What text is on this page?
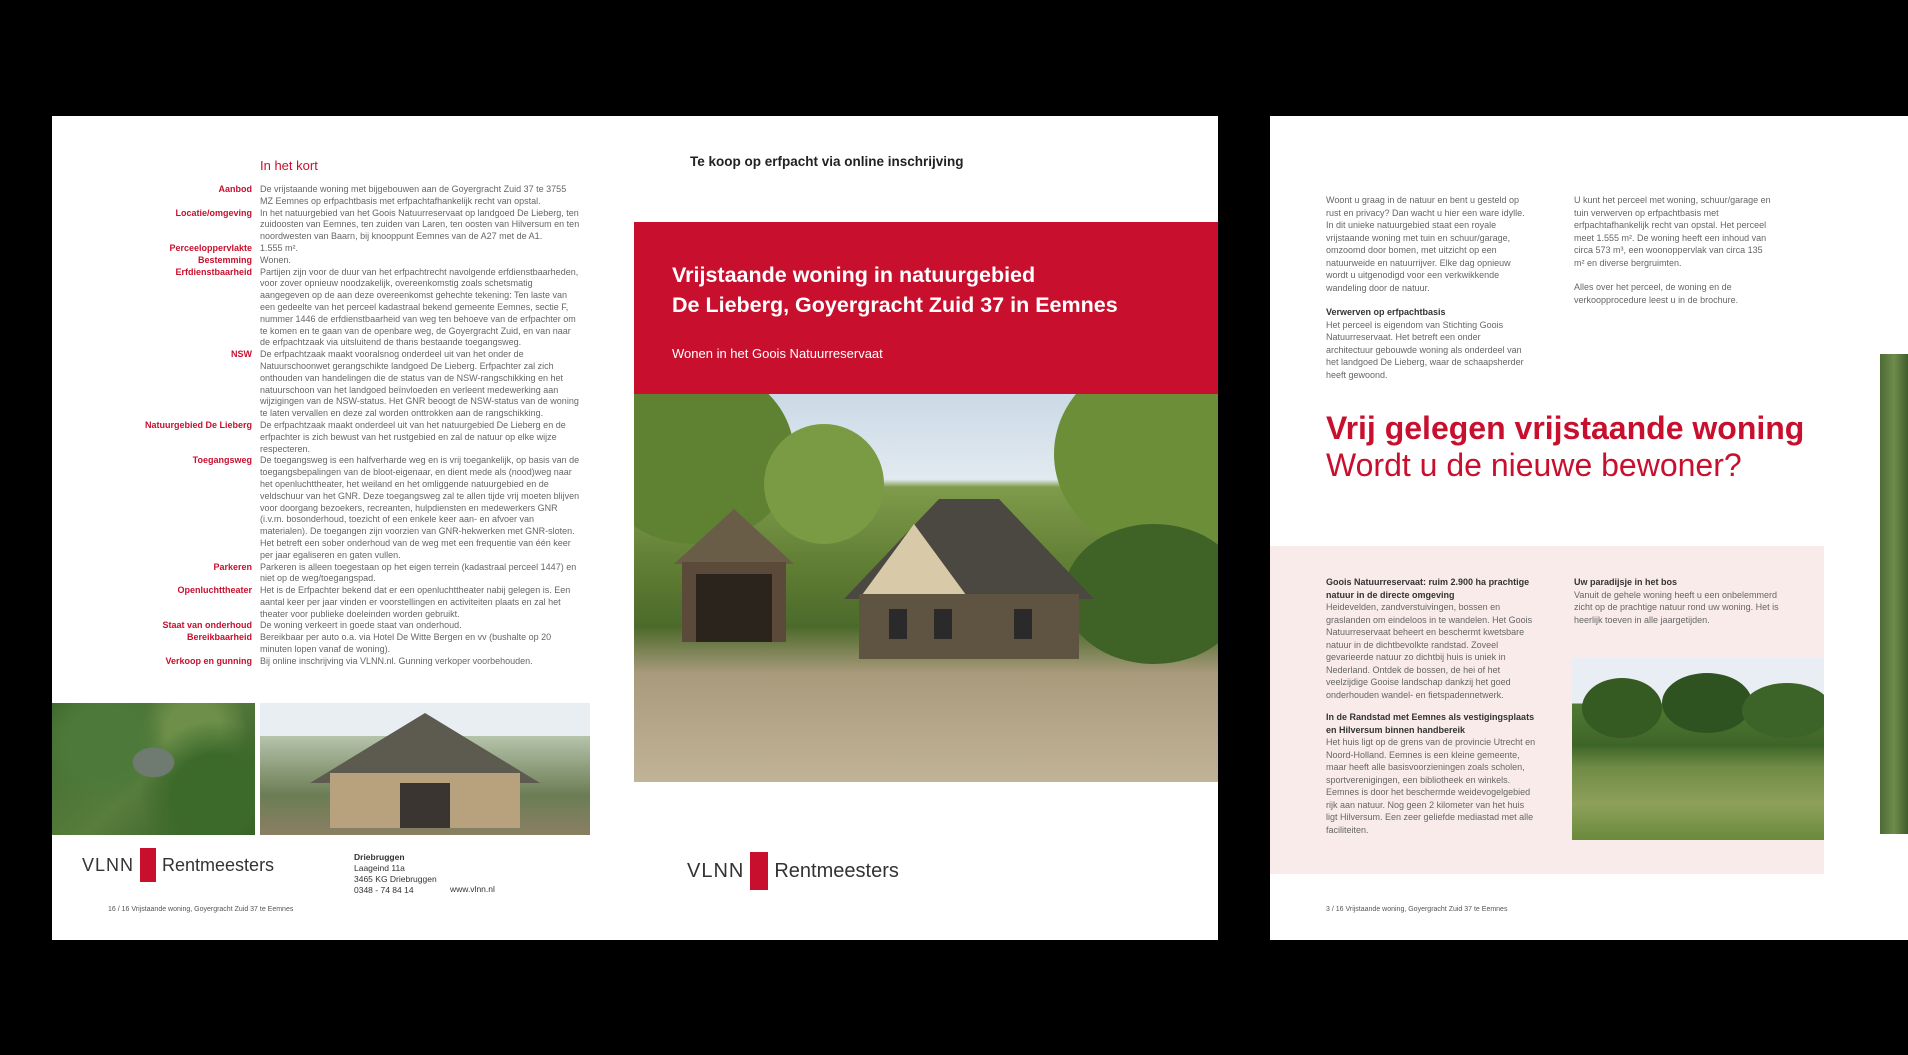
In het kort
Aanbod De vrijstaande woning met bijgebouwen aan de Goyergracht Zuid 37 te 3755 MZ Eemnes op erfpachtbasis met erfpachtafhankelijk recht van opstal.
Locatie/omgeving In het natuurgebied van het Goois Natuurreservaat op landgoed De Lieberg, ten zuidoosten van Eemnes, ten zuiden van Laren, ten oosten van Hilversum en ten noordwesten van Baarn, bij knooppunt Eemnes van de A27 met de A1.
Perceeloppervlakte 1.555 m².
Bestemming Wonen.
Erfdienstbaarheid Partijen zijn voor de duur van het erfpachtrecht navolgende erfdienstbaarheden, voor zover opnieuw noodzakelijk, overeenkomstig zoals schetsmatig aangegeven op de aan deze overeenkomst gehechte tekening: Ten laste van een gedeelte van het perceel kadastraal bekend gemeente Eemnes, sectie F, nummer 1446 de erfdienstbaarheid van weg ten behoeve van de erfpachter om te komen en te gaan van de openbare weg, de Goyergracht Zuid, en van naar de erfpachtzaak via uitsluitend de thans bestaande toegangsweg.
NSW De erfpachtzaak maakt vooralsnog onderdeel uit van het onder de Natuurschoonwet gerangschikte landgoed De Lieberg. Erfpachter zal zich onthouden van handelingen die de status van de NSW-rangschikking en het natuurschoon van het landgoed beïnvloeden en verleent medewerking aan wijzigingen van de NSW-status. Het GNR beoogt de NSW-status van de woning te laten vervallen en deze zal worden onttrokken aan de rangschikking.
Natuurgebied De Lieberg De erfpachtzaak maakt onderdeel uit van het natuurgebied De Lieberg en de erfpachter is zich bewust van het rustgebied en zal de natuur op elke wijze respecteren.
Toegangsweg De toegangsweg is een halfverharde weg en is vrij toegankelijk, op basis van de toegangsbepalingen van de bloot-eigenaar, en dient mede als (nood)weg naar het openluchttheater, het weiland en het omliggende natuurgebied en de veldschuur van het GNR. Deze toegangsweg zal te allen tijde vrij moeten blijven voor doorgang bezoekers, recreanten, hulpdiensten en medewerkers GNR (i.v.m. bosonderhoud, toezicht of een enkele keer aan- en afvoer van materialen). De toegangen zijn voorzien van GNR-hekwerken met GNR-sloten. Het betreft een sober onderhoud van de weg met een frequentie van één keer per jaar egaliseren en gaten vullen.
Parkeren Parkeren is alleen toegestaan op het eigen terrein (kadastraal perceel 1447) en niet op de weg/toegangspad.
Openluchttheater Het is de Erfpachter bekend dat er een openluchttheater nabij gelegen is. Een aantal keer per jaar vinden er voorstellingen en activiteiten plaats en zal het theater voor publieke doeleinden worden gebruikt.
Staat van onderhoud De woning verkeert in goede staat van onderhoud.
Bereikbaarheid Bereikbaar per auto o.a. via Hotel De Witte Bergen en vv (bushalte op 20 minuten lopen vanaf de woning).
Verkoop en gunning Bij online inschrijving via VLNN.nl. Gunning verkoper voorbehouden.
VLNN Rentmeesters	Driebruggen
Laageind 11a
3465 KG Driebruggen
0348 - 74 84 14	www.vlnn.nl
16 / 16 Vrijstaande woning, Goyergracht Zuid 37 te Eemnes
Te koop op erfpacht via online inschrijving
Vrijstaande woning in natuurgebied
De Lieberg, Goyergracht Zuid 37 in Eemnes
Wonen in het Goois Natuurreservaat
VLNN Rentmeesters

Woont u graag in de natuur en bent u gesteld op rust en privacy? Dan wacht u hier een ware idylle. In dit unieke natuurgebied staat een royale vrijstaande woning met tuin en schuur/garage, omzoomd door bomen, met uitzicht op een natuurweide en natuurrijver. Elke dag opnieuw wordt u uitgenodigd voor een verkwikkende wandeling door de natuur.

Verwerven op erfpachtbasis

Het perceel is eigendom van Stichting Goois Natuurreservaat. Het betreft een onder architectuur gebouwde woning als onderdeel van het landgoed De Lieberg, waar de schaapsherder heeft gewoond.

U kunt het perceel met woning, schuur/garage en tuin verwerven op erfpachtbasis met erfpachtafhankelijk recht van opstal. Het perceel meet 1.555 m². De woning heeft een inhoud van circa 573 m³, een woonoppervlak van circa 135 m² en diverse bergruimten.

Alles over het perceel, de woning en de verkoopprocedure leest u in de brochure.

Vrij gelegen vrijstaande woning
Wordt u de nieuwe bewoner?
Goois Natuurreservaat: ruim 2.900 ha prachtige natuur in de directe omgeving

Heidevelden, zandverstuivingen, bossen en graslanden om eindeloos in te wandelen. Het Goois Natuurreservaat beheert en beschermt kwetsbare natuur in de dichtbevolkte randstad. Zoveel gevarieerde natuur zo dichtbij huis is uniek in Nederland. Ontdek de bossen, de hei of het veelzijdige Gooise landschap dankzij het goed onderhouden wandel- en fietspadennetwerk.

In de Randstad met Eemnes als vestigingsplaats en Hilversum binnen handbereik

Het huis ligt op de grens van de provincie Utrecht en Noord-Holland. Eemnes is een kleine gemeente, maar heeft alle basisvoorzieningen zoals scholen, sportverenigingen, een bibliotheek en winkels. Eemnes is door het beschermde weidevogelgebied rijk aan natuur. Nog geen 2 kilometer van het huis ligt Hilversum. Een zeer geliefde mediastad met alle faciliteiten.

Uw paradijsje in het bos

Vanuit de gehele woning heeft u een onbelemmerd zicht op de prachtige natuur rond uw woning. Het is heerlijk toeven in alle jaargetijden.

3 / 16 Vrijstaande woning, Goyergracht Zuid 37 te Eemnes
